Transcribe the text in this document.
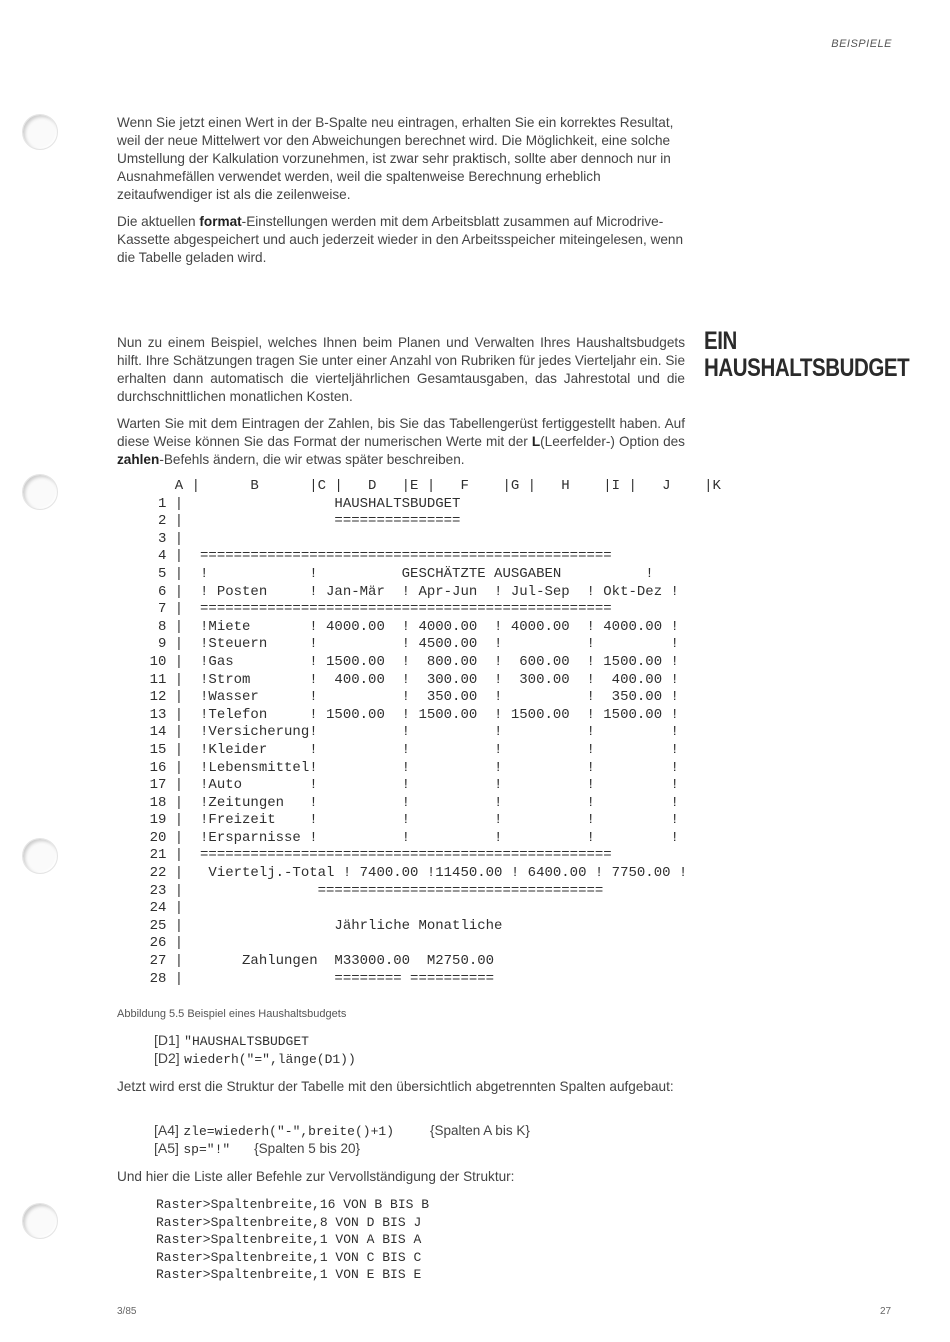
BEISPIELE

Wenn Sie jetzt einen Wert in der B-Spalte neu eintragen, erhalten Sie ein korrektes Resultat, weil der neue Mittelwert vor den Abweichungen berechnet wird. Die Möglichkeit, eine solche Umstellung der Kalkulation vorzunehmen, ist zwar sehr praktisch, sollte aber dennoch nur in Ausnahmefällen verwendet werden, weil die spaltenweise Berechnung erheblich zeitaufwendiger ist als die zeilenweise.

Die aktuellen format-Einstellungen werden mit dem Arbeitsblatt zusammen auf Microdrive-Kassette abgespeichert und auch jederzeit wieder in den Arbeitsspeicher miteingelesen, wenn die Tabelle geladen wird.

EIN
HAUSHALTSBUDGET

Nun zu einem Beispiel, welches Ihnen beim Planen und Verwalten Ihres Haushaltsbudgets hilft. Ihre Schätzungen tragen Sie unter einer Anzahl von Rubriken für jedes Vierteljahr ein. Sie erhalten dann automatisch die vierteljährlichen Gesamtausgaben, das Jahrestotal und die durchschnittlichen monatlichen Kosten.

Warten Sie mit dem Eintragen der Zahlen, bis Sie das Tabellengerüst fertiggestellt haben. Auf diese Weise können Sie das Format der numerischen Werte mit der L(Leerfelder-) Option des zahlen-Befehls ändern, die wir etwas später beschreiben.

A |      B      |C |   D   |E |   F    |G |   H    |I |   J    |K
1 |                  HAUSHALTSBUDGET
2 |                  ===============
3 |
4 |  =================================================
5 |  !            !          GESCHÄTZTE AUSGABEN          !
6 |  ! Posten     ! Jan-Mär  ! Apr-Jun  ! Jul-Sep  ! Okt-Dez !
7 |  =================================================
8 |  !Miete       ! 4000.00  ! 4000.00  ! 4000.00  ! 4000.00 !
9 |  !Steuern     !          ! 4500.00  !          !         !
10 |  !Gas         ! 1500.00  !  800.00  !  600.00  ! 1500.00 !
11 |  !Strom       !  400.00  !  300.00  !  300.00  !  400.00 !
12 |  !Wasser      !          !  350.00  !          !  350.00 !
13 |  !Telefon     ! 1500.00  ! 1500.00  ! 1500.00  ! 1500.00 !
14 |  !Versicherung!          !          !          !         !
15 |  !Kleider     !          !          !          !         !
16 |  !Lebensmittel!          !          !          !         !
17 |  !Auto        !          !          !          !         !
18 |  !Zeitungen   !          !          !          !         !
19 |  !Freizeit    !          !          !          !         !
20 |  !Ersparnisse !          !          !          !         !
21 |  =================================================
22 |   Viertelj.-Total ! 7400.00 !11450.00 ! 6400.00 ! 7750.00 !
23 |                ==================================
24 |
25 |                  Jährliche Monatliche
26 |
27 |       Zahlungen  M33000.00  M2750.00
28 |                  ======== ==========
Abbildung 5.5 Beispiel eines Haushaltsbudgets
[D1] "HAUSHALTSBUDGET
[D2] wiederh("=",länge(D1))
Jetzt wird erst die Struktur der Tabelle mit den übersichtlich abgetrennten Spalten aufgebaut:
[A4] zle=wiederh("-",breite()+1)	{Spalten A bis K}
[A5] sp="!" {Spalten 5 bis 20}
Und hier die Liste aller Befehle zur Vervollständigung der Struktur:
Raster>Spaltenbreite,16 VON B BIS B
Raster>Spaltenbreite,8 VON D BIS J
Raster>Spaltenbreite,1 VON A BIS A
Raster>Spaltenbreite,1 VON C BIS C
Raster>Spaltenbreite,1 VON E BIS E
3/85	27
